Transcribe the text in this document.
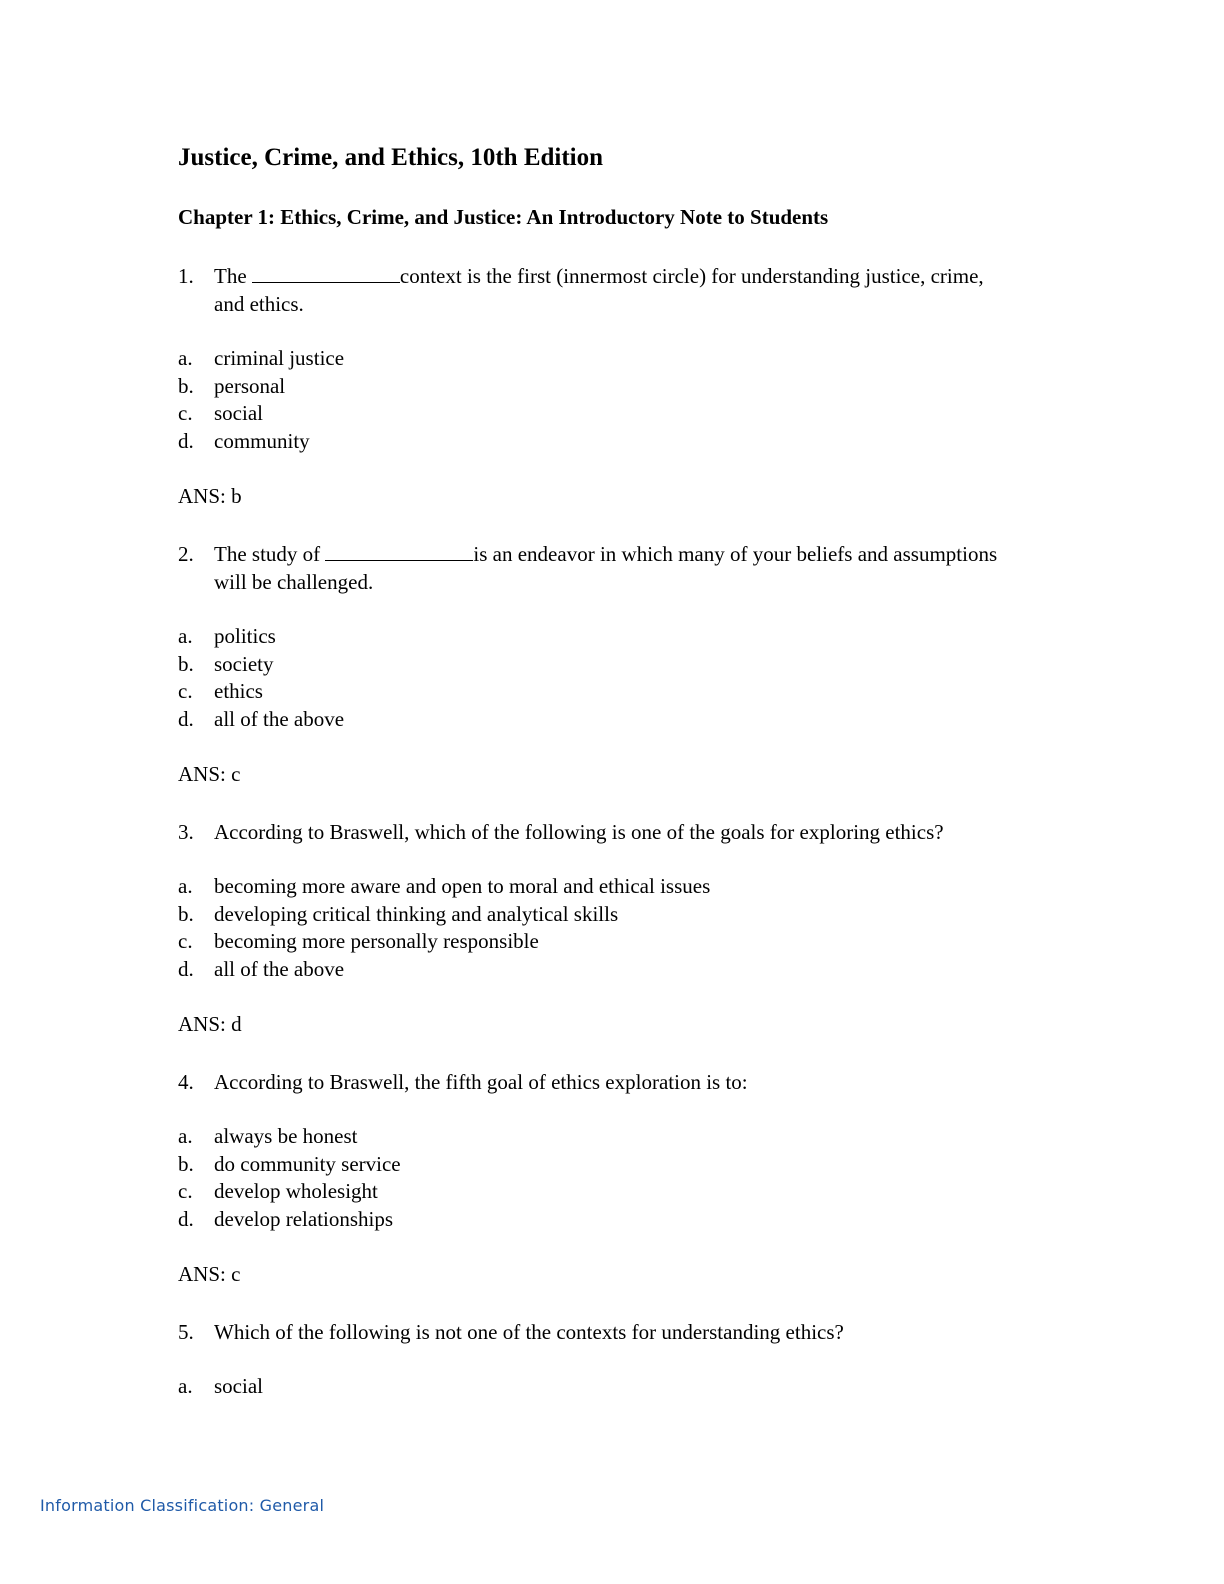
Justice, Crime, and Ethics, 10th Edition
Chapter 1: Ethics, Crime, and Justice: An Introductory Note to Students
1. The	context is the first (innermost circle) for understanding justice, crime, and ethics.
a.	criminal justice
b. personal
c.	social
d. community
ANS: b
2. The study of	is an endeavor in which many of your beliefs and assumptions will be challenged.
a.	politics
b. society
c.	ethics
d. all of the above
ANS: c
3. According to Braswell, which of the following is one of the goals for exploring ethics?
a.	becoming more aware and open to moral and ethical issues
b. developing critical thinking and analytical skills
c.	becoming more personally responsible
d. all of the above
ANS: d
4. According to Braswell, the fifth goal of ethics exploration is to:
a.	always be honest
b. do community service
c.	develop wholesight
d. develop relationships
ANS: c
5. Which of the following is not one of the contexts for understanding ethics?
a.	social
Information Classification: General
